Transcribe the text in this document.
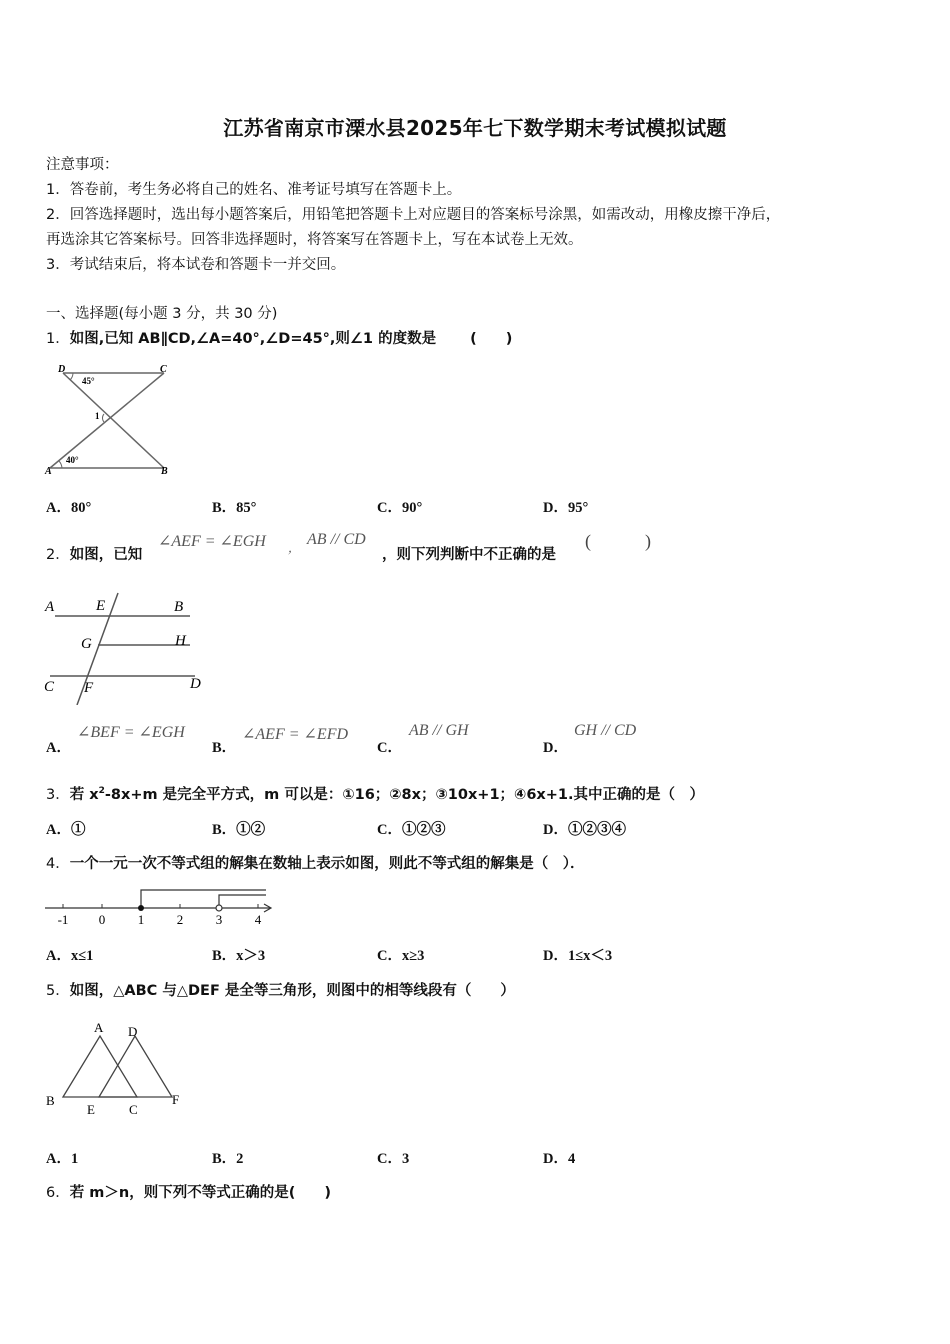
江苏省南京市溧水县2025年七下数学期末考试模拟试题
注意事项：
1．答卷前，考生务必将自己的姓名、准考证号填写在答题卡上。
2．回答选择题时，选出每小题答案后，用铅笔把答题卡上对应题目的答案标号涂黑，如需改动，用橡皮擦干净后，
再选涂其它答案标号。回答非选择题时，将答案写在答题卡上，写在本试卷上无效。
3．考试结束后，将本试卷和答题卡一并交回。
一、选择题(每小题 3 分，共 30 分)
1．如图,已知 AB∥CD,∠A=40°,∠D=45°,则∠1 的度数是 (　　)
D	C
A	B
45°
40°
1
A．80°	B．85°	C．90°	D．95°
2．如图，已知
∠AEF = ∠EGH ， AB // CD
，则下列判断中不正确的是
(　　　)
A	E	B
G	H
C F	D
A．
∠BEF = ∠EGH
B．
∠AEF = ∠EFD
C．
AB // GH
D．
GH // CD
3．若 $x^2-8x+m$ 是完全平方式，m 可以是：①16；②8x；③10x+1；④6x+1.其中正确的是（　）
A．①	B．①②	C．①②③	D．①②③④
4．一个一元一次不等式组的解集在数轴上表示如图，则此不等式组的解集是（　）．
-1 0	1	2	3	4
A．x≤1	B．x＞3	C．x≥3	D．1≤x＜3
5．如图，△ABC 与△DEF 是全等三角形，则图中的相等线段有（　　）
A D
B
E	C
F
A．1	B．2	C．3	D．4
6．若 m＞n，则下列不等式正确的是(　　)
